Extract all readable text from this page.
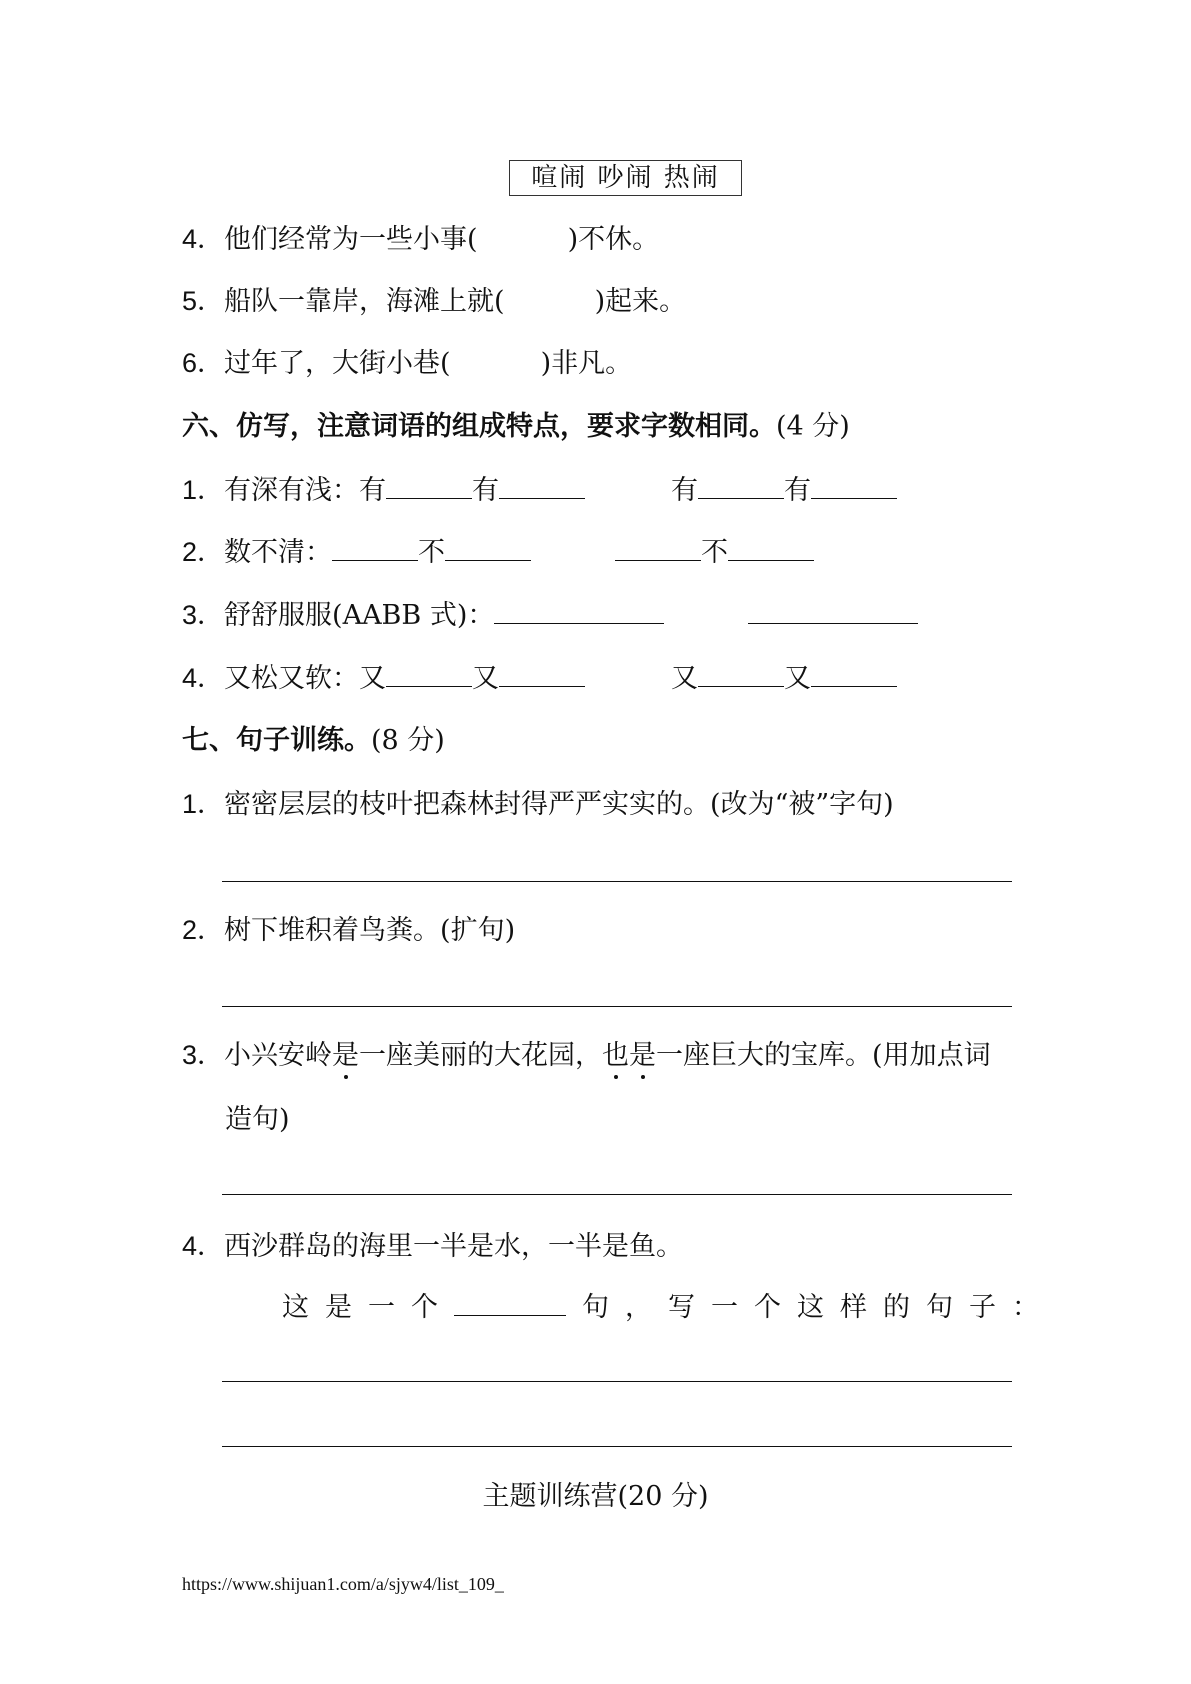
喧闹 吵闹 热闹
4．他们经常为一些小事(	)不休。
5．船队一靠岸，海滩上就(	)起来。
6．过年了，大街小巷(	)非凡。
六、仿写，注意词语的组成特点，要求字数相同。(4 分)
1．有深有浅：有	有	有	有
2．数不清：	不	不
3．舒舒服服(AABB 式)：
4．又松又软：又	又	又	又
七、句子训练。(8 分)
1．密密层层的枝叶把森林封得严严实实的。(改为“被”字句)
2．树下堆积着鸟粪。(扩句)
3．小兴安岭是一座美丽的大花园，也是一座巨大的宝库。(用加点词
造句)
4．西沙群岛的海里一半是水，一半是鱼。
这是一个	句，写一个这样的句子：
主题训练营(20 分)
https://www.shijuan1.com/a/sjyw4/list_109_
